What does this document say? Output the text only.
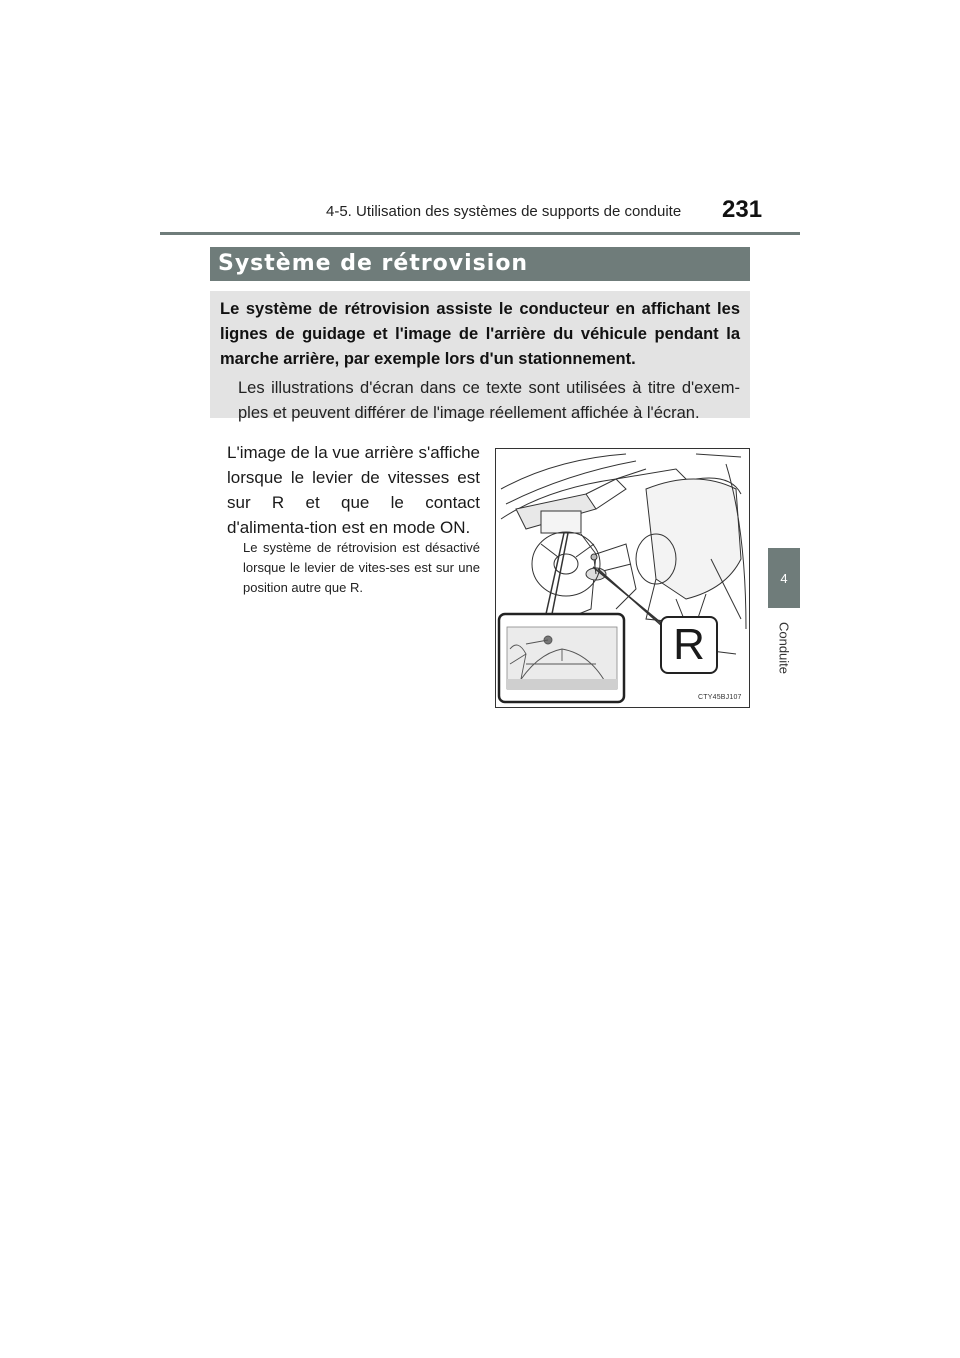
4-5. Utilisation des systèmes de supports de conduite 231
4
Conduite
Système de rétrovision

Le système de rétrovision assiste le conducteur en affichant les lignes de guidage et l'image de l'arrière du véhicule pendant la marche arrière, par exemple lors d'un stationnement.

Les illustrations d'écran dans ce texte sont utilisées à titre d'exem-ples et peuvent différer de l'image réellement affichée à l'écran.

L'image de la vue arrière s'affiche lorsque le levier de vitesses est sur R et que le contact d'alimenta-tion est en mode ON.

Le système de rétrovision est désactivé lorsque le levier de vites-ses est sur une position autre que R.

R
CTY45BJ107
